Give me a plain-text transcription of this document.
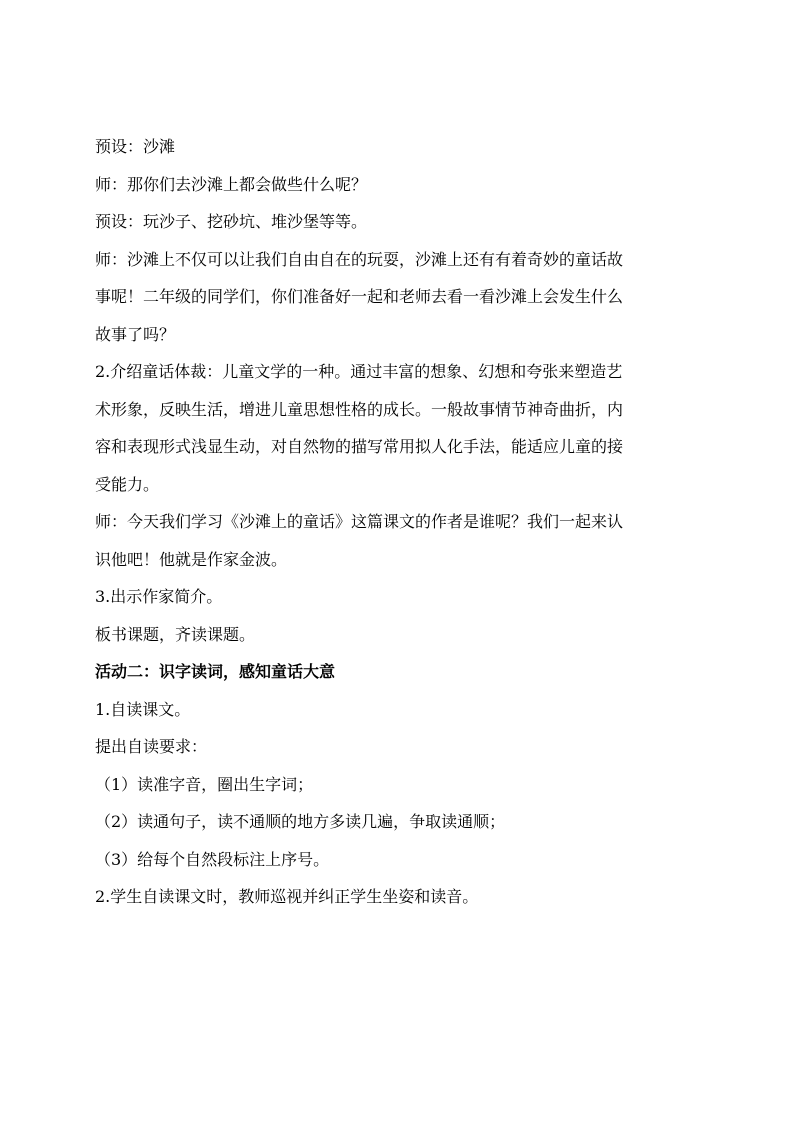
预设：沙滩
师：那你们去沙滩上都会做些什么呢？
预设：玩沙子、挖砂坑、堆沙堡等等。
师：沙滩上不仅可以让我们自由自在的玩耍，沙滩上还有有着奇妙的童话故
事呢！二年级的同学们，你们准备好一起和老师去看一看沙滩上会发生什么
故事了吗？
2.介绍童话体裁：儿童文学的一种。通过丰富的想象、幻想和夸张来塑造艺
术形象，反映生活，增进儿童思想性格的成长。一般故事情节神奇曲折，内
容和表现形式浅显生动，对自然物的描写常用拟人化手法，能适应儿童的接
受能力。
师：今天我们学习《沙滩上的童话》这篇课文的作者是谁呢？我们一起来认
识他吧！他就是作家金波。
3.出示作家简介。
板书课题，齐读课题。
活动二：识字读词，感知童话大意
1.自读课文。
提出自读要求：
（1）读准字音，圈出生字词；
（2）读通句子，读不通顺的地方多读几遍，争取读通顺；
（3）给每个自然段标注上序号。
2.学生自读课文时，教师巡视并纠正学生坐姿和读音。
